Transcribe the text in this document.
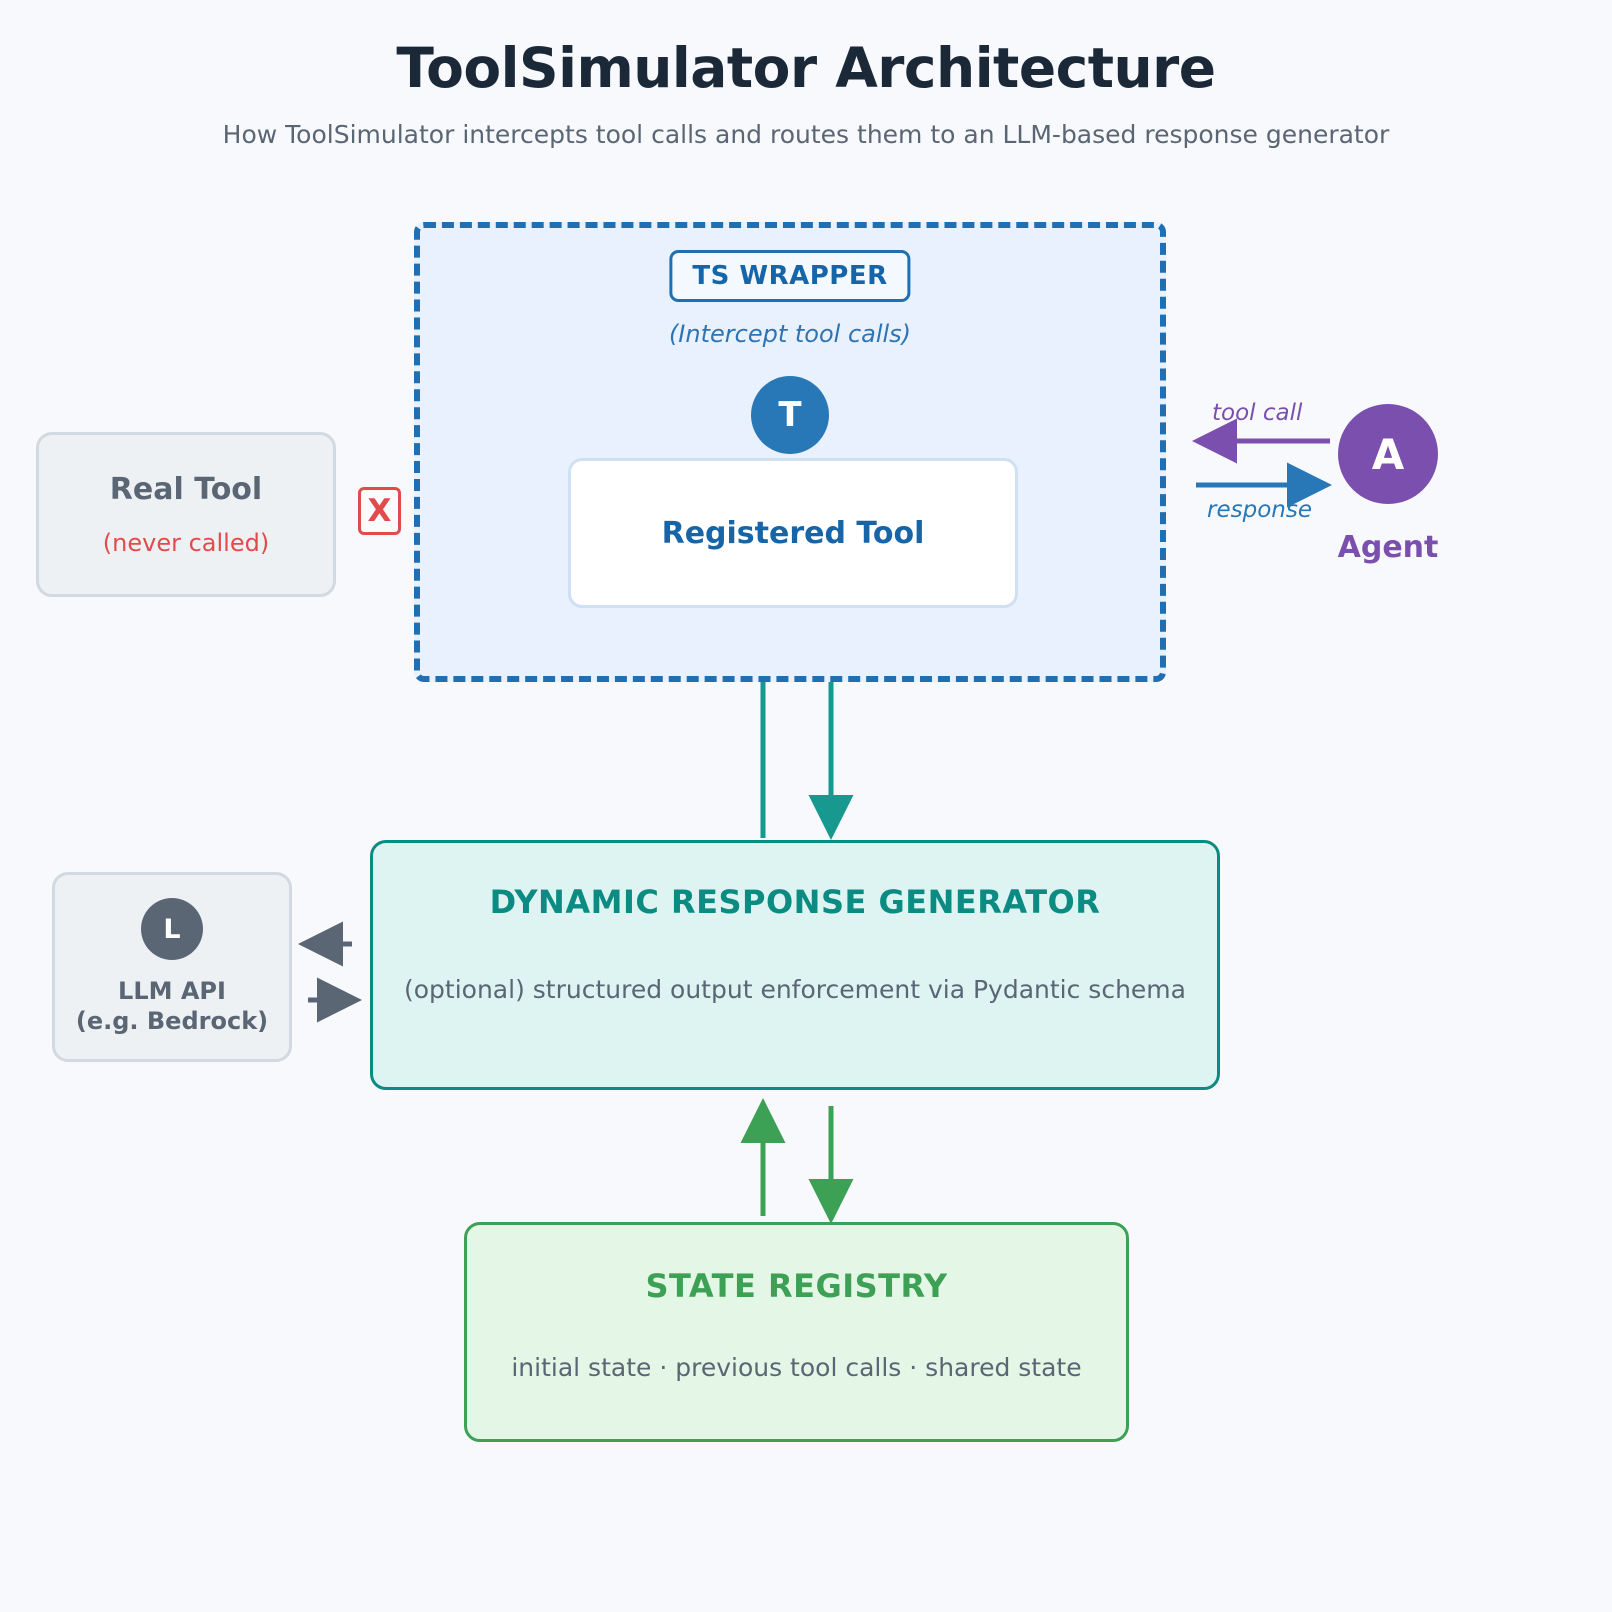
ToolSimulator Architecture
How ToolSimulator intercepts tool calls and routes them to an LLM-based response generator
TS WRAPPER
(Intercept tool calls)
T
Registered Tool
Real Tool
(never called)
X
A
Agent
tool call
response
DYNAMIC RESPONSE GENERATOR
(optional) structured output enforcement via Pydantic schema
L
LLM API
(e.g. Bedrock)
STATE REGISTRY
initial state · previous tool calls · shared state
